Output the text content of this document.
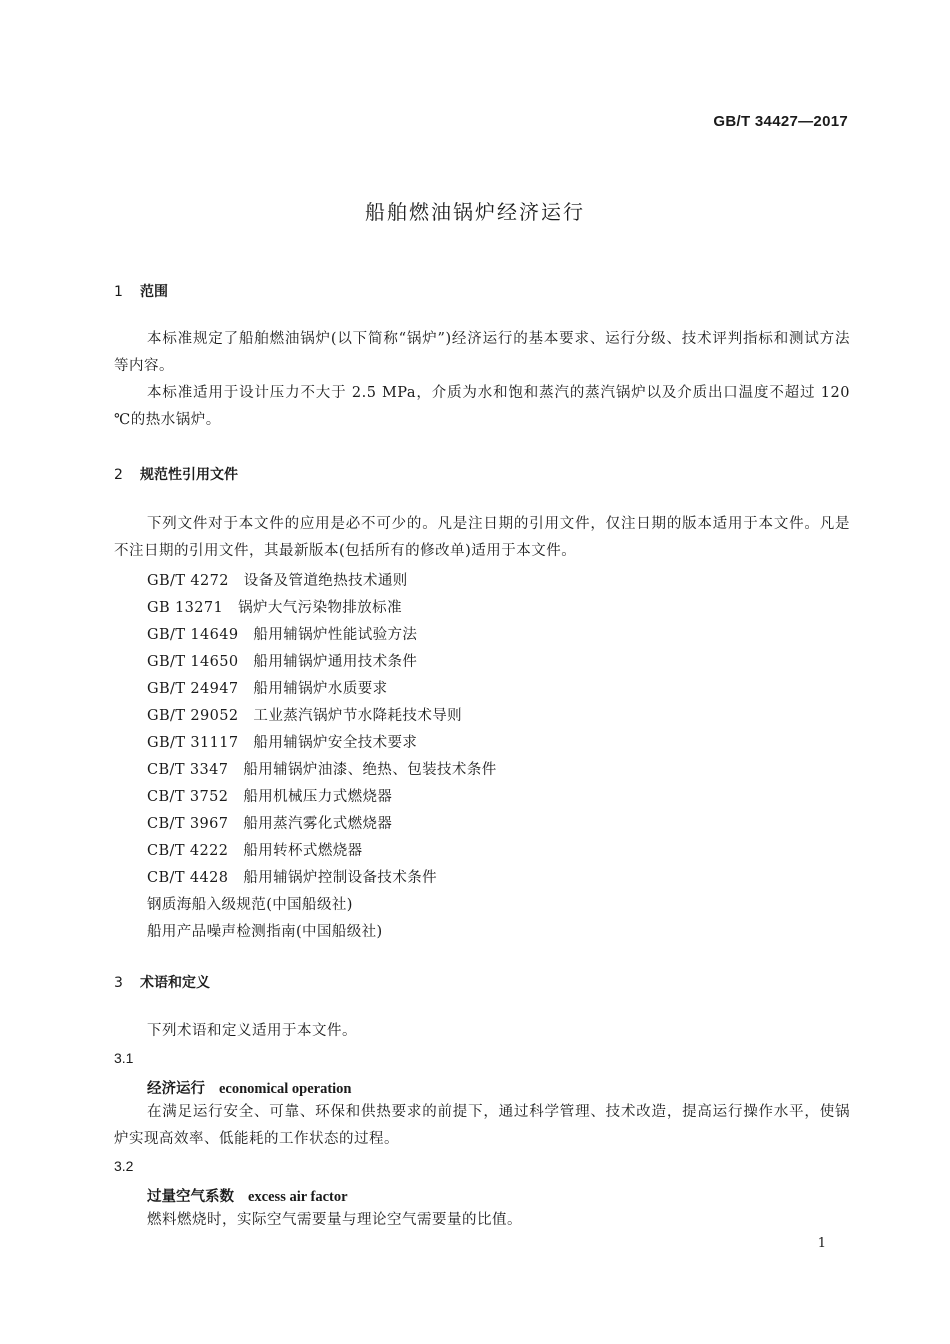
GB/T 34427—2017
船舶燃油锅炉经济运行
1 范围

本标准规定了船舶燃油锅炉(以下简称“锅炉”)经济运行的基本要求、运行分级、技术评判指标和测试方法等内容。

本标准适用于设计压力不大于 2.5 MPa，介质为水和饱和蒸汽的蒸汽锅炉以及介质出口温度不超过 120 ℃的热水锅炉。

2 规范性引用文件

下列文件对于本文件的应用是必不可少的。凡是注日期的引用文件，仅注日期的版本适用于本文件。凡是不注日期的引用文件，其最新版本(包括所有的修改单)适用于本文件。

GB/T 4272　设备及管道绝热技术通则
GB 13271　锅炉大气污染物排放标准
GB/T 14649　船用辅锅炉性能试验方法
GB/T 14650　船用辅锅炉通用技术条件
GB/T 24947　船用辅锅炉水质要求
GB/T 29052　工业蒸汽锅炉节水降耗技术导则
GB/T 31117　船用辅锅炉安全技术要求
CB/T 3347　船用辅锅炉油漆、绝热、包装技术条件
CB/T 3752　船用机械压力式燃烧器
CB/T 3967　船用蒸汽雾化式燃烧器
CB/T 4222　船用转杯式燃烧器
CB/T 4428　船用辅锅炉控制设备技术条件
钢质海船入级规范(中国船级社)
船用产品噪声检测指南(中国船级社)
3 术语和定义

下列术语和定义适用于本文件。

3.1
经济运行 economical operation

在满足运行安全、可靠、环保和供热要求的前提下，通过科学管理、技术改造，提高运行操作水平，使锅炉实现高效率、低能耗的工作状态的过程。

3.2
过量空气系数 excess air factor

燃料燃烧时，实际空气需要量与理论空气需要量的比值。

1
